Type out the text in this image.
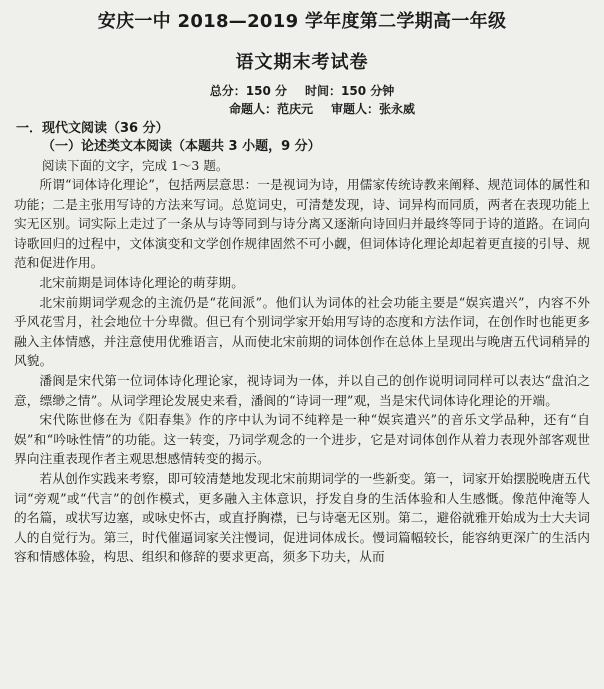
安庆一中 2018—2019 学年度第二学期高一年级
语文期末考试卷
总分：150 分 时间：150 分钟
命题人：范庆元 审题人：张永威
一．现代文阅读（36 分）
（一）论述类文本阅读（本题共 3 小题，9 分）
阅读下面的文字，完成 1～3 题。

所谓“词体诗化理论”，包括两层意思：一是视词为诗，用儒家传统诗教来阐释、规范词体的属性和功能；二是主张用写诗的方法来写词。总览词史，可清楚发现，诗、词异构而同质，两者在表现功能上实无区别。词实际上走过了一条从与诗等同到与诗分离又逐渐向诗回归并最终等同于诗的道路。在词向诗歌回归的过程中，文体演变和文学创作规律固然不可小觑，但词体诗化理论却起着更直接的引导、规范和促进作用。

北宋前期是词体诗化理论的萌芽期。

北宋前期词学观念的主流仍是“花间派”。他们认为词体的社会功能主要是“娱宾遣兴”，内容不外乎风花雪月，社会地位十分卑微。但已有个别词学家开始用写诗的态度和方法作词，在创作时也能更多融入主体情感，并注意使用优雅语言，从而使北宋前期的词体创作在总体上呈现出与晚唐五代词稍异的风貌。

潘阆是宋代第一位词体诗化理论家，视诗词为一体，并以自己的创作说明词同样可以表达“盘泊之意，缥缈之情”。从词学理论发展史来看，潘阆的“诗词一理”观，当是宋代词体诗化理论的开端。

宋代陈世修在为《阳春集》作的序中认为词不纯粹是一种“娱宾遣兴”的音乐文学品种，还有“自娱”和“吟咏性情”的功能。这一转变，乃词学观念的一个进步，它是对词体创作从着力表现外部客观世界向注重表现作者主观思想感情转变的揭示。

若从创作实践来考察，即可较清楚地发现北宋前期词学的一些新变。第一，词家开始摆脱晚唐五代词“旁观”或“代言”的创作模式，更多融入主体意识，抒发自身的生活体验和人生感慨。像范仲淹等人的名篇，或状写边塞，或咏史怀古，或直抒胸襟，已与诗毫无区别。第二，避俗就雅开始成为士大夫词人的自觉行为。第三，时代催逼词家关注慢词，促进词体成长。慢词篇幅较长，能容纳更深广的生活内容和情感体验，构思、组织和修辞的要求更高，须多下功夫，从而
